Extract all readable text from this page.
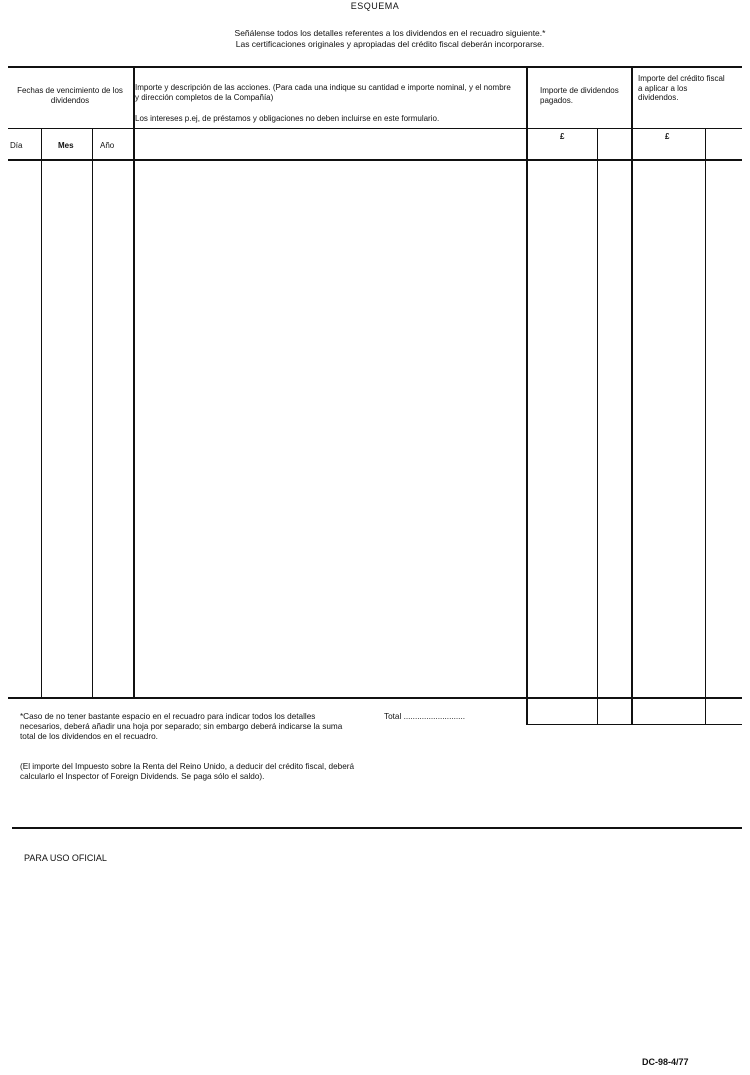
ESQUEMA
Señálense todos los detalles referentes a los dividendos en el recuadro siguiente.*
Las certificaciones originales y apropiadas del crédito fiscal deberán incorporarse.
Fechas de vencimiento de los dividendos
Día	Mes	Año
Importe y descripción de las acciones. (Para cada una indique su cantidad e importe nominal, y el nombre y dirección completos de la Compañía)
Los intereses p.ej, de préstamos y obligaciones no deben incluirse en este formulario.
Importe de dividendos pagados.
£
Importe del crédito fiscal a aplicar a los dividendos.
£
*Caso de no tener bastante espacio en el recuadro para indicar todos los detalles necesarios, deberá añadir una hoja por separado; sin embargo deberá indicarse la suma total de los dividendos en el recuadro.
(El importe del Impuesto sobre la Renta del Reino Unido, a deducir del crédito fiscal, deberá calcularlo el Inspector of Foreign Dividends. Se paga sólo el saldo).
Total ...........................
PARA USO OFICIAL
DC-98-4/77
